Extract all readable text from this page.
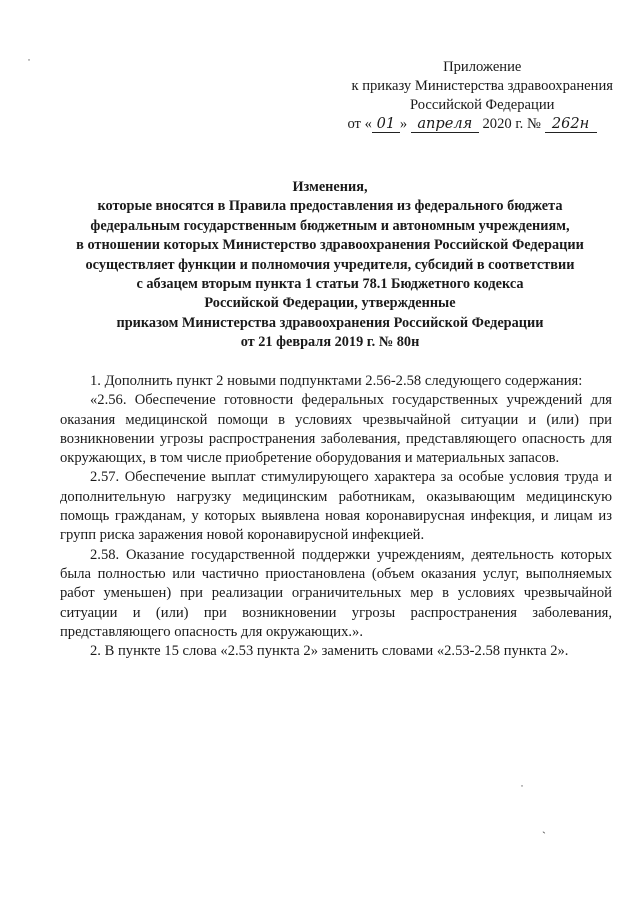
˙
˙
ˏ
Приложение
к приказу Министерства здравоохранения
Российской Федерации
от « 01 » апреля 2020 г. № 262н
Изменения,
которые вносятся в Правила предоставления из федерального бюджета
федеральным государственным бюджетным и автономным учреждениям,
в отношении которых Министерство здравоохранения Российской Федерации
осуществляет функции и полномочия учредителя, субсидий в соответствии
с абзацем вторым пункта 1 статьи 78.1 Бюджетного кодекса
Российской Федерации, утвержденные
приказом Министерства здравоохранения Российской Федерации
от 21 февраля 2019 г. № 80н

1. Дополнить пункт 2 новыми подпунктами 2.56-2.58 следующего содержания:

«2.56. Обеспечение готовности федеральных государственных учреждений для оказания медицинской помощи в условиях чрезвычайной ситуации и (или) при возникновении угрозы распространения заболевания, представляющего опасность для окружающих, в том числе приобретение оборудования и материальных запасов.

2.57. Обеспечение выплат стимулирующего характера за особые условия труда и дополнительную нагрузку медицинским работникам, оказывающим медицинскую помощь гражданам, у которых выявлена новая коронавирусная инфекция, и лицам из групп риска заражения новой коронавирусной инфекцией.

2.58. Оказание государственной поддержки учреждениям, деятельность которых была полностью или частично приостановлена (объем оказания услуг, выполняемых работ уменьшен) при реализации ограничительных мер в условиях чрезвычайной ситуации и (или) при возникновении угрозы распространения заболевания, представляющего опасность для окружающих.».

2. В пункте 15 слова «2.53 пункта 2» заменить словами «2.53-2.58 пункта 2».
